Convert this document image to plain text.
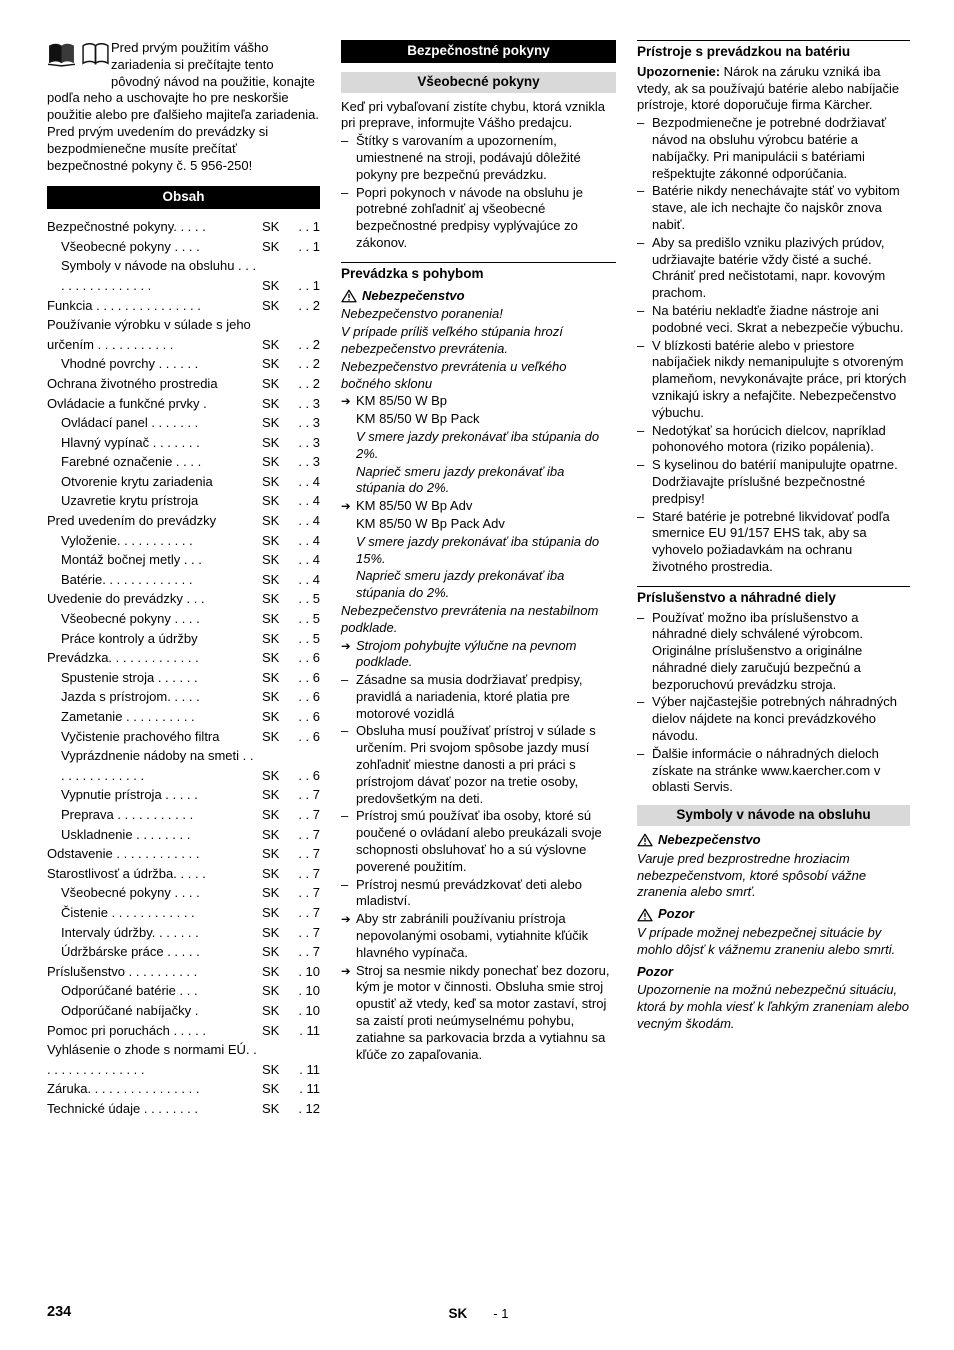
Pred prvým použitím vášho zariadenia si prečítajte tento pôvodný návod na použitie, konajte podľa neho a uschovajte ho pre neskoršie použitie alebo pre ďalšieho majiteľa zariadenia. Pred prvým uvedením do prevádzky si bezpodmienečne musíte prečítať bezpečnostné pokyny č. 5 956-250!

Obsah
Bezpečnostné pokyny. . . . .	SK	. . 1
Všeobecné pokyny . . . .	SK	. . 1
Symboly v návode na obsluhu . . . . . . . . . . . . . . . .	SK	. . 1
Funkcia . . . . . . . . . . . . . . .	SK	. . 2
Používanie výrobku v súlade s jeho určením . . . . . . . . . . .	SK	. . 2
Vhodné povrchy . . . . . .	SK	. . 2
Ochrana životného prostredia	SK	. . 2
Ovládacie a funkčné prvky .	SK	. . 3
Ovládací panel . . . . . . .	SK	. . 3
Hlavný vypínač . . . . . . .	SK	. . 3
Farebné označenie . . . .	SK	. . 3
Otvorenie krytu zariadenia	SK	. . 4
Uzavretie krytu prístroja	SK	. . 4
Pred uvedením do prevádzky	SK	. . 4
Vyloženie. . . . . . . . . . .	SK	. . 4
Montáž bočnej metly . . .	SK	. . 4
Batérie. . . . . . . . . . . . .	SK	. . 4
Uvedenie do prevádzky . . .	SK	. . 5
Všeobecné pokyny . . . .	SK	. . 5
Práce kontroly a údržby	SK	. . 5
Prevádzka. . . . . . . . . . . . .	SK	. . 6
Spustenie stroja . . . . . .	SK	. . 6
Jazda s prístrojom. . . . .	SK	. . 6
Zametanie . . . . . . . . . .	SK	. . 6
Vyčistenie prachového filtra	SK	. . 6
Vyprázdnenie nádoby na smeti . . . . . . . . . . . . . .	SK	. . 6
Vypnutie prístroja . . . . .	SK	. . 7
Preprava . . . . . . . . . . .	SK	. . 7
Uskladnenie . . . . . . . .	SK	. . 7
Odstavenie . . . . . . . . . . . .	SK	. . 7
Starostlivosť a údržba. . . . .	SK	. . 7
Všeobecné pokyny . . . .	SK	. . 7
Čistenie . . . . . . . . . . . .	SK	. . 7
Intervaly údržby. . . . . . .	SK	. . 7
Údržbárske práce . . . . .	SK	. . 7
Príslušenstvo . . . . . . . . . .	SK	. 10
Odporúčané batérie . . .	SK	. 10
Odporúčané nabíjačky .	SK	. 10
Pomoc pri poruchách . . . . .	SK	. 11
Vyhlásenie o zhode s normami EÚ. . . . . . . . . . . . . . . .	SK	. 11
Záruka. . . . . . . . . . . . . . . .	SK	. 11
Technické údaje . . . . . . . .	SK	. 12
Bezpečnostné pokyny
Všeobecné pokyny

Keď pri vybaľovaní zistíte chybu, ktorá vznikla pri preprave, informujte Vášho predajcu.

– Štítky s varovaním a upozornením, umiestnené na stroji, podávajú dôležité pokyny pre bezpečnú prevádzku.
– Popri pokynoch v návode na obsluhu je potrebné zohľadniť aj všeobecné bezpečnostné predpisy vyplývajúce zo zákonov.
Prevádzka s pohybom
Nebezpečenstvo

Nebezpečenstvo poranenia!

V prípade príliš veľkého stúpania hrozí nebezpečenstvo prevrátenia.

Nebezpečenstvo prevrátenia u veľkého bočného sklonu

➔ KM 85/50 W Bp
KM 85/50 W Bp Pack
V smere jazdy prekonávať iba stúpania do 2%.
Naprieč smeru jazdy prekonávať iba stúpania do 2%.
➔ KM 85/50 W Bp Adv
KM 85/50 W Bp Pack Adv
V smere jazdy prekonávať iba stúpania do 15%.
Naprieč smeru jazdy prekonávať iba stúpania do 2%.

Nebezpečenstvo prevrátenia na nestabilnom podklade.

➔ Strojom pohybujte výlučne na pevnom podklade.
– Zásadne sa musia dodržiavať predpisy, pravidlá a nariadenia, ktoré platia pre motorové vozidlá
– Obsluha musí používať prístroj v súlade s určením. Pri svojom spôsobe jazdy musí zohľadniť miestne danosti a pri práci s prístrojom dávať pozor na tretie osoby, predovšetkým na deti.
– Prístroj smú používať iba osoby, ktoré sú poučené o ovládaní alebo preukázali svoje schopnosti obsluhovať ho a sú výslovne poverené použitím.
– Prístroj nesmú prevádzkovať deti alebo mladiství.
➔ Aby str zabránili používaniu prístroja nepovolanými osobami, vytiahnite kľúčik hlavného vypínača.
➔ Stroj sa nesmie nikdy ponechať bez dozoru, kým je motor v činnosti. Obsluha smie stroj opustiť až vtedy, keď sa motor zastaví, stroj sa zaistí proti neúmyselnému pohybu, zatiahne sa parkovacia brzda a vytiahnu sa kľúče zo zapaľovania.
Prístroje s prevádzkou na batériu

Upozornenie: Nárok na záruku vzniká iba vtedy, ak sa používajú batérie alebo nabíjačie prístroje, ktoré doporučuje firma Kärcher.

– Bezpodmienečne je potrebné dodržiavať návod na obsluhu výrobcu batérie a nabíjačky. Pri manipulácii s batériami rešpektujte zákonné odporúčania.
– Batérie nikdy nenechávajte stáť vo vybitom stave, ale ich nechajte čo najskôr znova nabiť.
– Aby sa predišlo vzniku plazivých prúdov, udržiavajte batérie vždy čisté a suché. Chrániť pred nečistotami, napr. kovovým prachom.
– Na batériu nekladťe žiadne nástroje ani podobné veci. Skrat a nebezpečie výbuchu.
– V blízkosti batérie alebo v priestore nabíjačiek nikdy nemanipulujte s otvoreným plameňom, nevykonávajte práce, pri ktorých vznikajú iskry a nefajčite. Nebezpečenstvo výbuchu.
– Nedotýkať sa horúcich dielcov, napríklad pohonového motora (riziko popálenia).
– S kyselinou do batérií manipulujte opatrne. Dodržiavajte príslušné bezpečnostné predpisy!
– Staré batérie je potrebné likvidovať podľa smernice EU 91/157 EHS tak, aby sa vyhovelo požiadavkám na ochranu životného prostredia.
Príslušenstvo a náhradné diely
– Používať možno iba príslušenstvo a náhradné diely schválené výrobcom. Originálne príslušenstvo a originálne náhradné diely zaručujú bezpečnú a bezporuchovú prevádzku stroja.
– Výber najčastejšie potrebných náhradných dielov nájdete na konci prevádzkového návodu.
– Ďalšie informácie o náhradných dieloch získate na stránke www.kaercher.com v oblasti Servis.
Symboly v návode na obsluhu
Nebezpečenstvo

Varuje pred bezprostredne hroziacim nebezpečenstvom, ktoré spôsobí vážne zranenia alebo smrť.

Pozor

V prípade možnej nebezpečnej situácie by mohlo dôjsť k vážnemu zraneniu alebo smrti.

Pozor

Upozornenie na možnú nebezpečnú situáciu, ktorá by mohla viesť k ľahkým zraneniam alebo vecným škodám.

234	SK - 1
